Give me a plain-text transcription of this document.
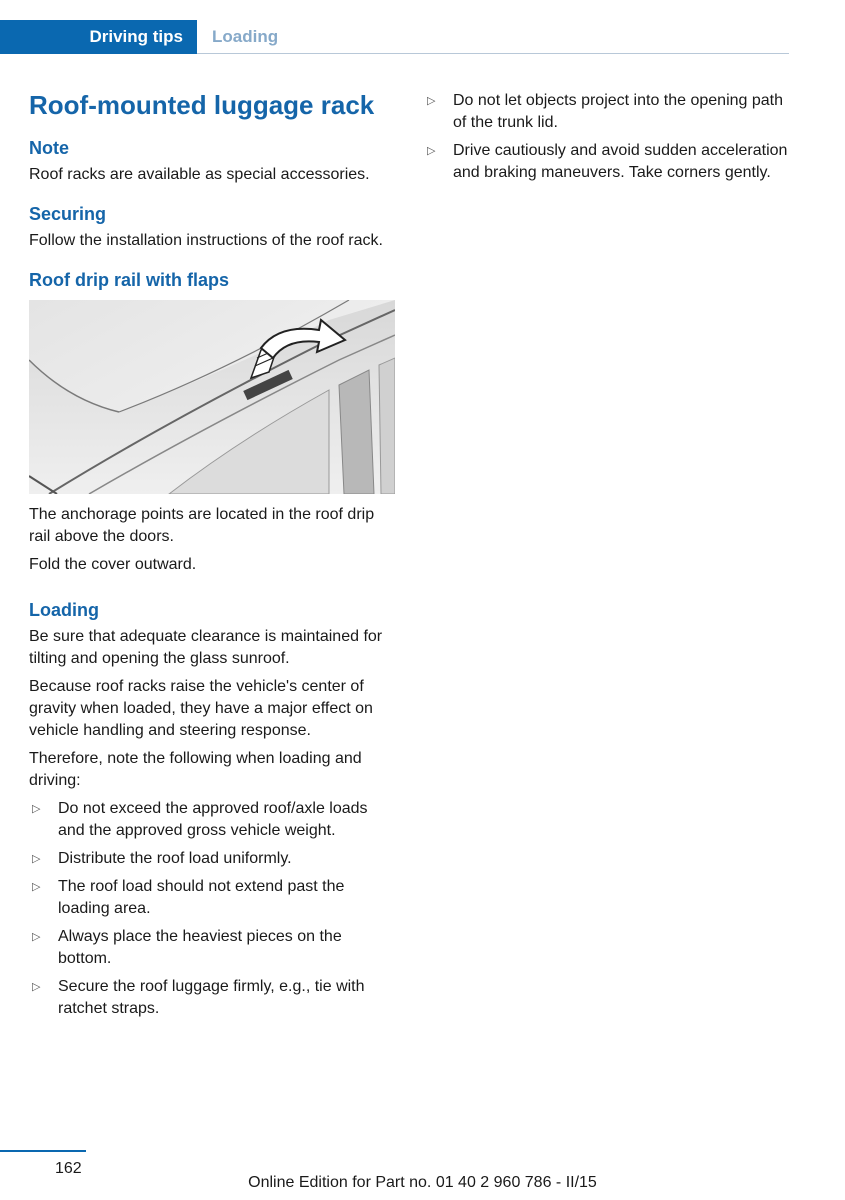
Driving tips Loading
Roof-mounted luggage rack
Note

Roof racks are available as special accessories.

Securing

Follow the installation instructions of the roof rack.

Roof drip rail with flaps

The anchorage points are located in the roof drip rail above the doors.

Fold the cover outward.

Loading

Be sure that adequate clearance is maintained for tilting and opening the glass sunroof.

Because roof racks raise the vehicle's center of gravity when loaded, they have a major effect on vehicle handling and steering response.

Therefore, note the following when loading and driving:

▷ Do not exceed the approved roof/axle loads and the approved gross vehicle weight.
▷ Distribute the roof load uniformly.
▷ The roof load should not extend past the loading area.
▷ Always place the heaviest pieces on the bottom.
▷ Secure the roof luggage firmly, e.g., tie with ratchet straps.
▷ Do not let objects project into the opening path of the trunk lid.
▷ Drive cautiously and avoid sudden acceleration and braking maneuvers. Take corners gently.
162
Online Edition for Part no. 01 40 2 960 786 - II/15
